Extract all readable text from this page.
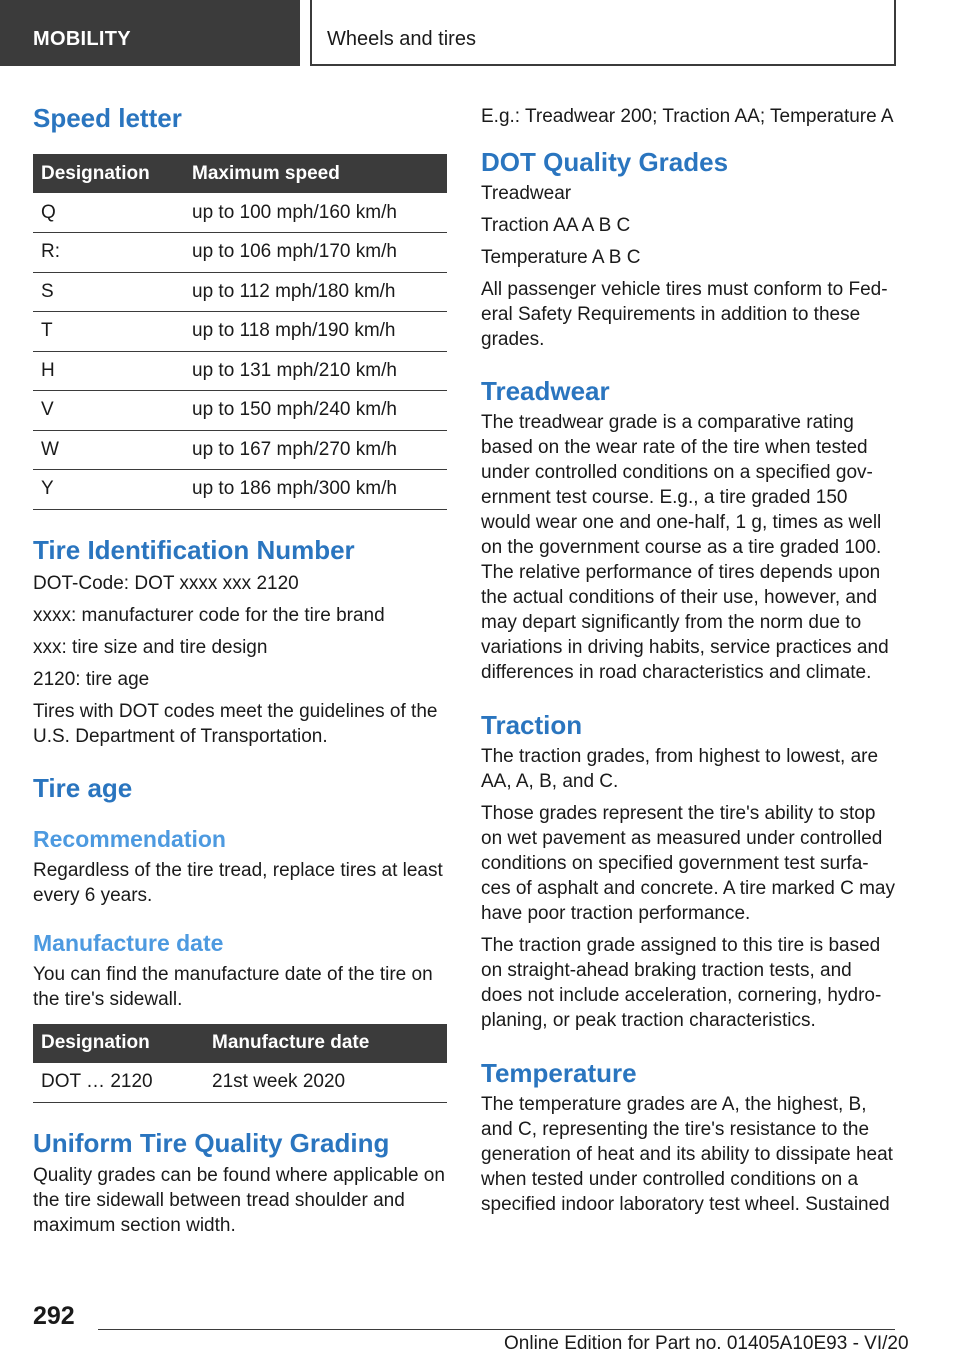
MOBILITY	Wheels and tires
Speed letter
Designation	Maximum speed
Q	up to 100 mph/160 km/h
R:	up to 106 mph/170 km/h
S	up to 112 mph/180 km/h
T	up to 118 mph/190 km/h
H	up to 131 mph/210 km/h
V	up to 150 mph/240 km/h
W	up to 167 mph/270 km/h
Y	up to 186 mph/300 km/h
Tire Identification Number

DOT-Code: DOT xxxx xxx 2120

xxxx: manufacturer code for the tire brand

xxx: tire size and tire design

2120: tire age

Tires with DOT codes meet the guidelines of the U.S. Department of Transportation.

Tire age
Recommendation

Regardless of the tire tread, replace tires at least every 6 years.

Manufacture date

You can find the manufacture date of the tire on the tire's sidewall.

Designation	Manufacture date
DOT … 2120	21st week 2020
Uniform Tire Quality Grading

Quality grades can be found where applicable on the tire sidewall between tread shoulder and maximum section width.

E.g.: Treadwear 200; Traction AA; Temperature A

DOT Quality Grades

Treadwear

Traction AA A B C

Temperature A B C

All passenger vehicle tires must conform to Fed‐eral Safety Requirements in addition to these grades.

Treadwear

The treadwear grade is a comparative rating based on the wear rate of the tire when tested under controlled conditions on a specified gov‐ernment test course. E.g., a tire graded 150 would wear one and one-half, 1 g, times as well on the government course as a tire graded 100. The relative performance of tires depends upon the actual conditions of their use, however, and may depart significantly from the norm due to variations in driving habits, service practices and differences in road characteristics and climate.

Traction

The traction grades, from highest to lowest, are AA, A, B, and C.

Those grades represent the tire's ability to stop on wet pavement as measured under controlled conditions on specified government test surfa‐ces of asphalt and concrete. A tire marked C may have poor traction performance.

The traction grade assigned to this tire is based on straight-ahead braking traction tests, and does not include acceleration, cornering, hydro‐planing, or peak traction characteristics.

Temperature

The temperature grades are A, the highest, B, and C, representing the tire's resistance to the generation of heat and its ability to dissipate heat when tested under controlled conditions on a specified indoor laboratory test wheel. Sustained

292
Online Edition for Part no. 01405A10E93 - VI/20
